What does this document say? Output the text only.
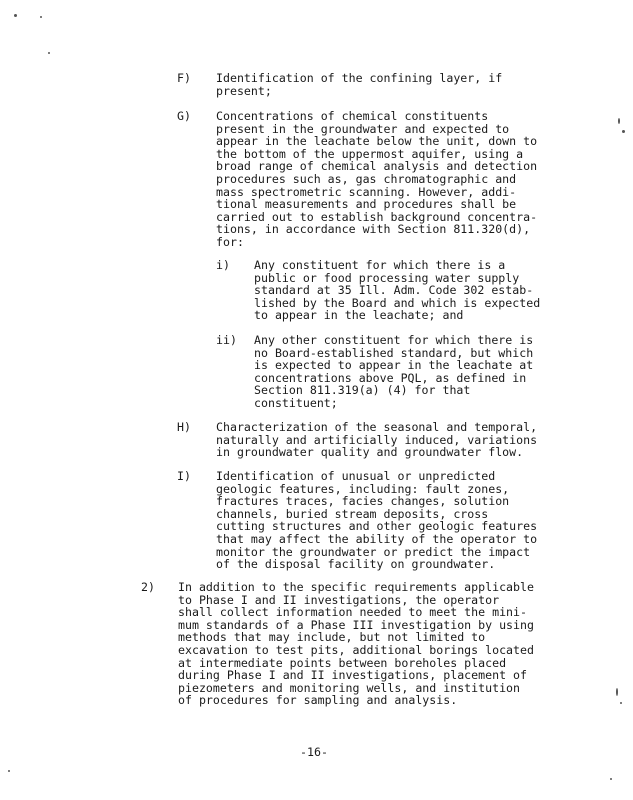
F) Identification of the confining layer, if
present;
G) Concentrations of chemical constituents
present in the groundwater and expected to
appear in the leachate below the unit, down to
the bottom of the uppermost aquifer, using a
broad range of chemical analysis and detection
procedures such as, gas chromatographic and
mass spectrometric scanning. However, addi-
tional measurements and procedures shall be
carried out to establish background concentra-
tions, in accordance with Section 811.320(d),
for:
i) Any constituent for which there is a
public or food processing water supply
standard at 35 Ill. Adm. Code 302 estab-
lished by the Board and which is expected
to appear in the leachate; and
ii) Any other constituent for which there is
no Board-established standard, but which
is expected to appear in the leachate at
concentrations above PQL, as defined in
Section 811.319(a) (4) for that
constituent;
H) Characterization of the seasonal and temporal,
naturally and artificially induced, variations
in groundwater quality and groundwater flow.
I) Identification of unusual or unpredicted
geologic features, including: fault zones,
fractures traces, facies changes, solution
channels, buried stream deposits, cross
cutting structures and other geologic features
that may affect the ability of the operator to
monitor the groundwater or predict the impact
of the disposal facility on groundwater.
2) In addition to the specific requirements applicable
to Phase I and II investigations, the operator
shall collect information needed to meet the mini-
mum standards of a Phase III investigation by using
methods that may include, but not limited to
excavation to test pits, additional borings located
at intermediate points between boreholes placed
during Phase I and II investigations, placement of
piezometers and monitoring wells, and institution
of procedures for sampling and analysis.
-16-
